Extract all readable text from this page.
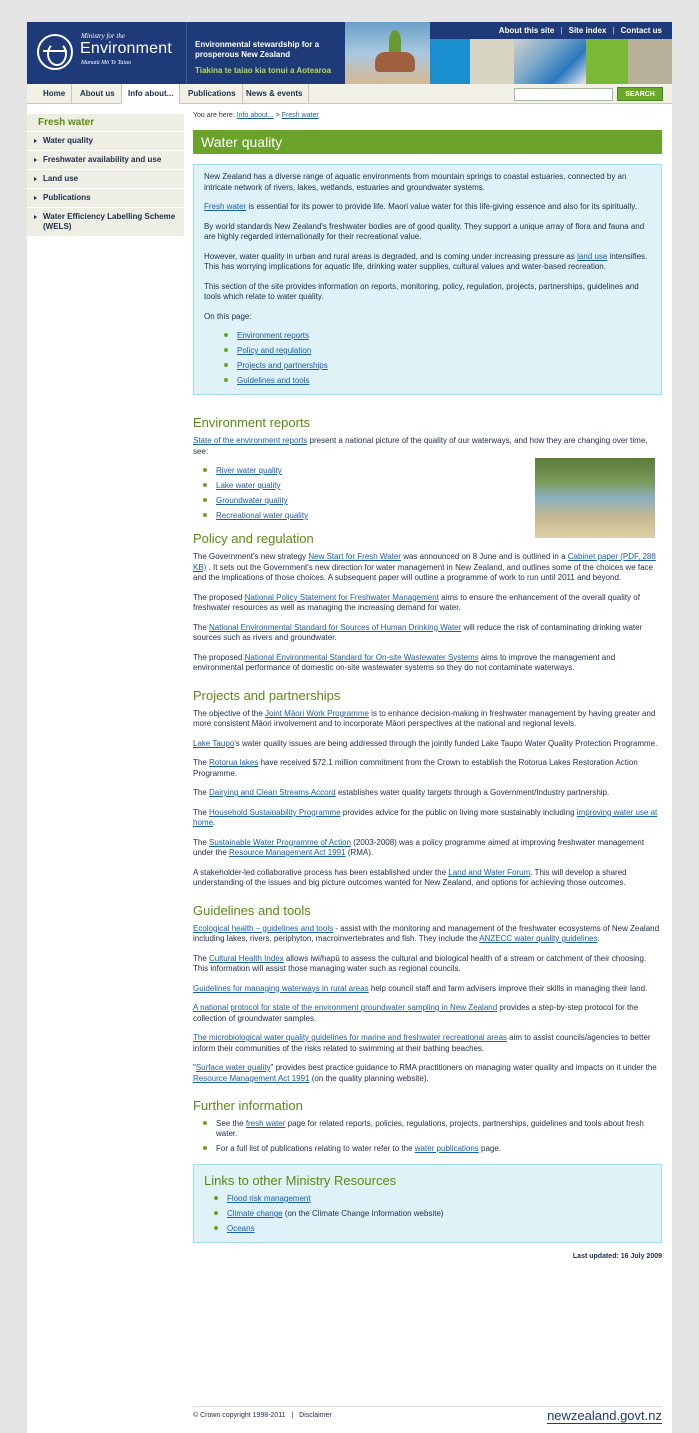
Ministry for the
Environment
Manatū Mō Te Taiao
Environmental stewardship for a prosperous New Zealand
Tiakina te taiao kia tonui a Aotearoa
About this site | Site index | Contact us
Home	About us	Info about...	Publications	News & events	SEARCH
Fresh water
Water quality
Freshwater availability and use
Land use
Publications
Water Efficiency Labelling Scheme (WELS)
You are here: Info about... > Fresh water
Water quality

New Zealand has a diverse range of aquatic environments from mountain springs to coastal estuaries, connected by an intricate network of rivers, lakes, wetlands, estuaries and groundwater systems.

Fresh water is essential for its power to provide life. Maori value water for this life-giving essence and also for its spiritually.

By world standards New Zealand's freshwater bodies are of good quality. They support a unique array of flora and fauna and are highly regarded internationally for their recreational value.

However, water quality in urban and rural areas is degraded, and is coming under increasing pressure as land use intensifies. This has worrying implications for aquatic life, drinking water supplies, cultural values and water-based recreation.

This section of the site provides information on reports, monitoring, policy, regulation, projects, partnerships, guidelines and tools which relate to water quality.

On this page:

Environment reports
Policy and regulation
Projects and partnerships
Guidelines and tools
Environment reports

State of the environment reports present a national picture of the quality of our waterways, and how they are changing over time, see:

River water quality
Lake water quality
Groundwater quality
Recreational water quality
Policy and regulation

The Government's new strategy New Start for Fresh Water was announced on 8 June and is outlined in a Cabinet paper (PDF, 288 KB) . It sets out the Government's new direction for water management in New Zealand, and outlines some of the choices we face and the implications of those choices. A subsequent paper will outline a programme of work to run until 2011 and beyond.

The proposed National Policy Statement for Freshwater Management aims to ensure the enhancement of the overall quality of freshwater resources as well as managing the increasing demand for water.

The National Environmental Standard for Sources of Human Drinking Water will reduce the risk of contaminating drinking water sources such as rivers and groundwater.

The proposed National Environmental Standard for On-site Wastewater Systems aims to improve the management and environmental performance of domestic on-site wastewater systems so they do not contaminate waterways.

Projects and partnerships

The objective of the Joint Māori Work Programme is to enhance decision-making in freshwater management by having greater and more consistent Māori involvement and to incorporate Māori perspectives at the national and regional levels.

Lake Taupo's water quality issues are being addressed through the jointly funded Lake Taupo Water Quality Protection Programme.

The Rotorua lakes have received $72.1 million commitment from the Crown to establish the Rotorua Lakes Restoration Action Programme.

The Dairying and Clean Streams Accord establishes water quality targets through a Government/Industry partnership.

The Household Sustainability Programme provides advice for the public on living more sustainably including improving water use at home.

The Sustainable Water Programme of Action (2003-2008) was a policy programme aimed at improving freshwater management under the Resource Management Act 1991 (RMA).

A stakeholder-led collaborative process has been established under the Land and Water Forum. This will develop a shared understanding of the issues and big picture outcomes wanted for New Zealand, and options for achieving those outcomes.

Guidelines and tools

Ecological health – guidelines and tools - assist with the monitoring and management of the freshwater ecosystems of New Zealand including lakes, rivers, periphyton, macroinvertebrates and fish. They include the ANZECC water quality guidelines.

The Cultural Health Index allows iwi/hapū to assess the cultural and biological health of a stream or catchment of their choosing. This information will assist those managing water such as regional councils.

Guidelines for managing waterways in rural areas help council staff and farm advisers improve their skills in managing their land.

A national protocol for state of the environment groundwater sampling in New Zealand provides a step-by-step protocol for the collection of groundwater samples.

The microbiological water quality guidelines for marine and freshwater recreational areas aim to assist councils/agencies to better inform their communities of the risks related to swimming at their bathing beaches.

"Surface water quality" provides best practice guidance to RMA practitioners on managing water quality and impacts on it under the Resource Management Act 1991 (on the quality planning website).

Further information
See the fresh water page for related reports, policies, regulations, projects, partnerships, guidelines and tools about fresh water.
For a full list of publications relating to water refer to the water publications page.
Links to other Ministry Resources
Flood risk management
Climate change (on the Climate Change Information website)
Oceans
Last updated: 16 July 2009
© Crown copyright 1998-2011 | Disclaimer	newzealand.govt.nz
